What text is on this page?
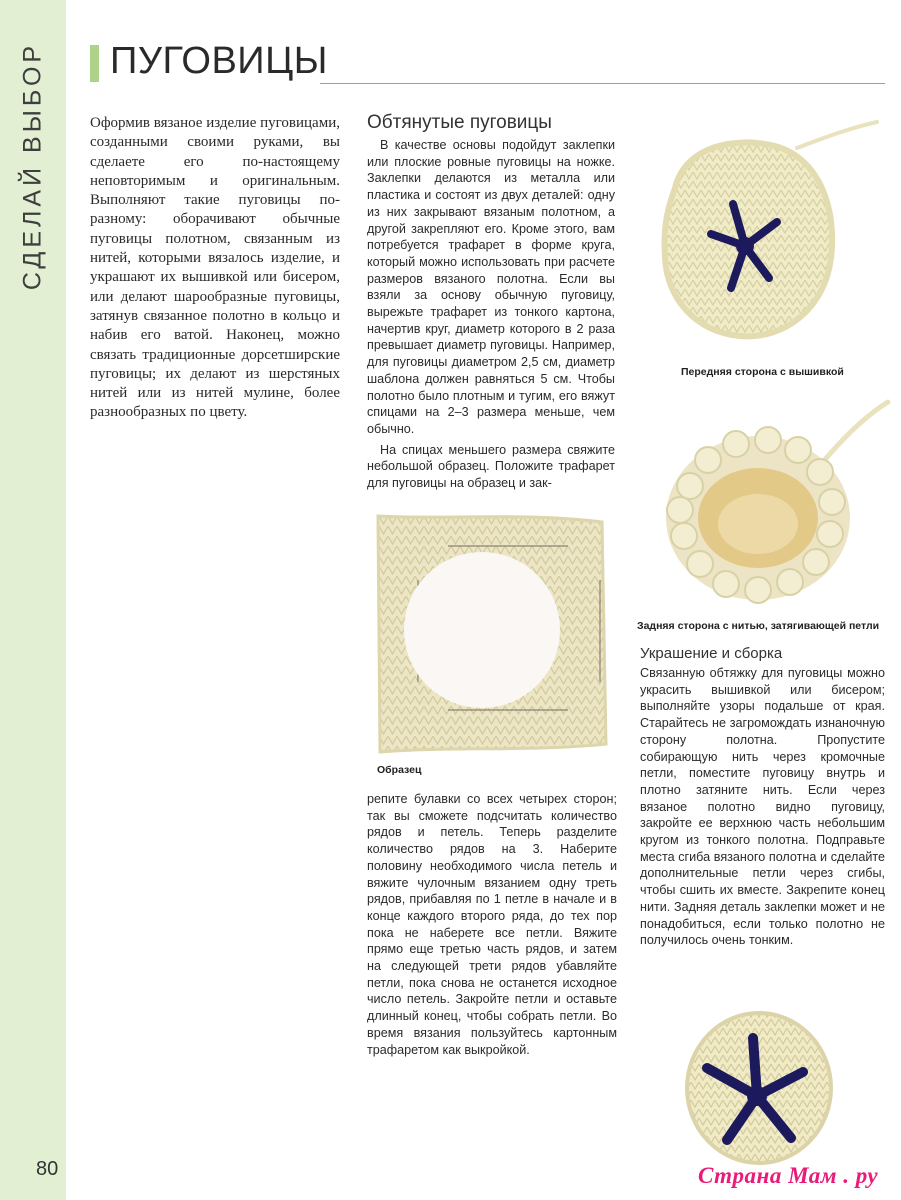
СДЕЛАЙ ВЫБОР
80
ПУГОВИЦЫ
Оформив вязаное изделие пуговицами, созданными своими руками, вы сделаете его по-настоящему неповторимым и оригинальным. Выполняют такие пуговицы по-разному: оборачивают обычные пуговицы полотном, связанным из нитей, которыми вязалось изделие, и украшают их вышивкой или бисером, или делают шарообразные пуговицы, затянув связанное полотно в кольцо и набив его ватой. Наконец, можно связать традиционные дорсетширские пуговицы; их делают из шерстяных нитей или из нитей мулине, более разнообразных по цвету.
Обтянутые пуговицы

В качестве основы подойдут заклепки или плоские ровные пуговицы на ножке. Заклепки делаются из металла или пластика и состоят из двух деталей: одну из них закрывают вязаным полотном, а другой закрепляют его. Кроме этого, вам потребуется трафарет в форме круга, который можно использовать при расчете размеров вязаного полотна. Если вы взяли за основу обычную пуговицу, вырежьте трафарет из тонкого картона, начертив круг, диаметр которого в 2 раза превышает диаметр пуговицы. Например, для пуговицы диаметром 2,5 см, диаметр шаблона должен равняться 5 см. Чтобы полотно было плотным и тугим, его вяжут спицами на 2–3 размера меньше, чем обычно.

На спицах меньшего размера свяжите небольшой образец. Положите трафарет для пуговицы на образец и зак-

Передняя сторона с вышивкой
Задняя сторона с нитью, затягивающей петли
Украшение и сборка

Связанную обтяжку для пуговицы можно украсить вышивкой или бисером; выполняйте узоры подальше от края. Старайтесь не загромождать изнаночную сторону полотна. Пропустите собирающую нить через кромочные петли, поместите пуговицу внутрь и плотно затяните нить. Если через вязаное полотно видно пуговицу, закройте ее верхнюю часть небольшим кругом из тонкого полотна. Подправьте места сгиба вязаного полотна и сделайте дополнительные петли через сгибы, чтобы сшить их вместе. Закрепите конец нити. Задняя деталь заклепки может и не понадобиться, если только полотно не получилось очень тонким.

Образец

репите булавки со всех четырех сторон; так вы сможете подсчитать количество рядов и петель. Теперь разделите количество рядов на 3. Наберите половину необходимого числа петель и вяжите чулочным вязанием одну треть рядов, прибавляя по 1 петле в начале и в конце каждого второго ряда, до тех пор пока не наберете все петли. Вяжите прямо еще третью часть рядов, и затем на следующей трети рядов убавляйте петли, пока снова не останется исходное число петель. Закройте петли и оставьте длинный конец, чтобы собрать петли. Во время вязания пользуйтесь картонным трафаретом как выкройкой.

Страна Мам . ру
